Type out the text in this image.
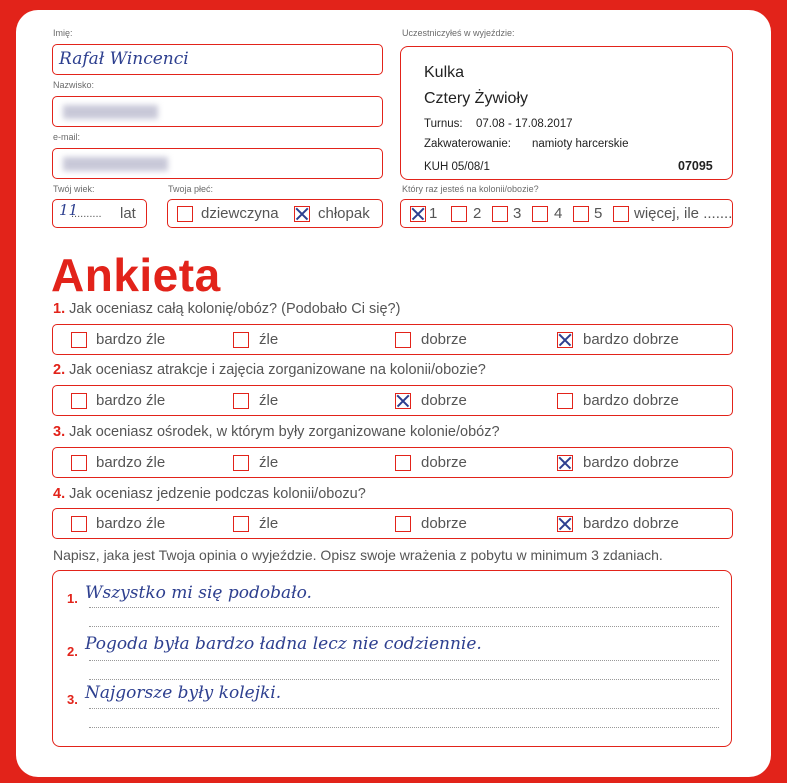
Imię:
Rafał Wincenci
Nazwisko:
e-mail:
Twój wiek:
11
.......... lat
Twoja płeć:
dziewczyna	chłopak
Uczestniczyłeś w wyjeździe:
Kulka
Cztery Żywioły
Turnus: 07.08 - 17.08.2017
Zakwaterowanie: namioty harcerskie
KUH 05/08/1	07095
Który raz jesteś na kolonii/obozie?
1 2 3 4 5 więcej, ile .......
Ankieta
1. Jak oceniasz całą kolonię/obóz? (Podobało Ci się?)
bardzo źle	źle	dobrze	bardzo dobrze
2. Jak oceniasz atrakcje i zajęcia zorganizowane na kolonii/obozie?
bardzo źle	źle	dobrze	bardzo dobrze
3. Jak oceniasz ośrodek, w którym były zorganizowane kolonie/obóz?
bardzo źle	źle	dobrze	bardzo dobrze
4. Jak oceniasz jedzenie podczas kolonii/obozu?
bardzo źle	źle	dobrze	bardzo dobrze
Napisz, jaka jest Twoja opinia o wyjeździe. Opisz swoje wrażenia z pobytu w minimum 3 zdaniach.
1. Wszystko mi się podobało.
2. Pogoda była bardzo ładna lecz nie codziennie.
3. Najgorsze były kolejki.
